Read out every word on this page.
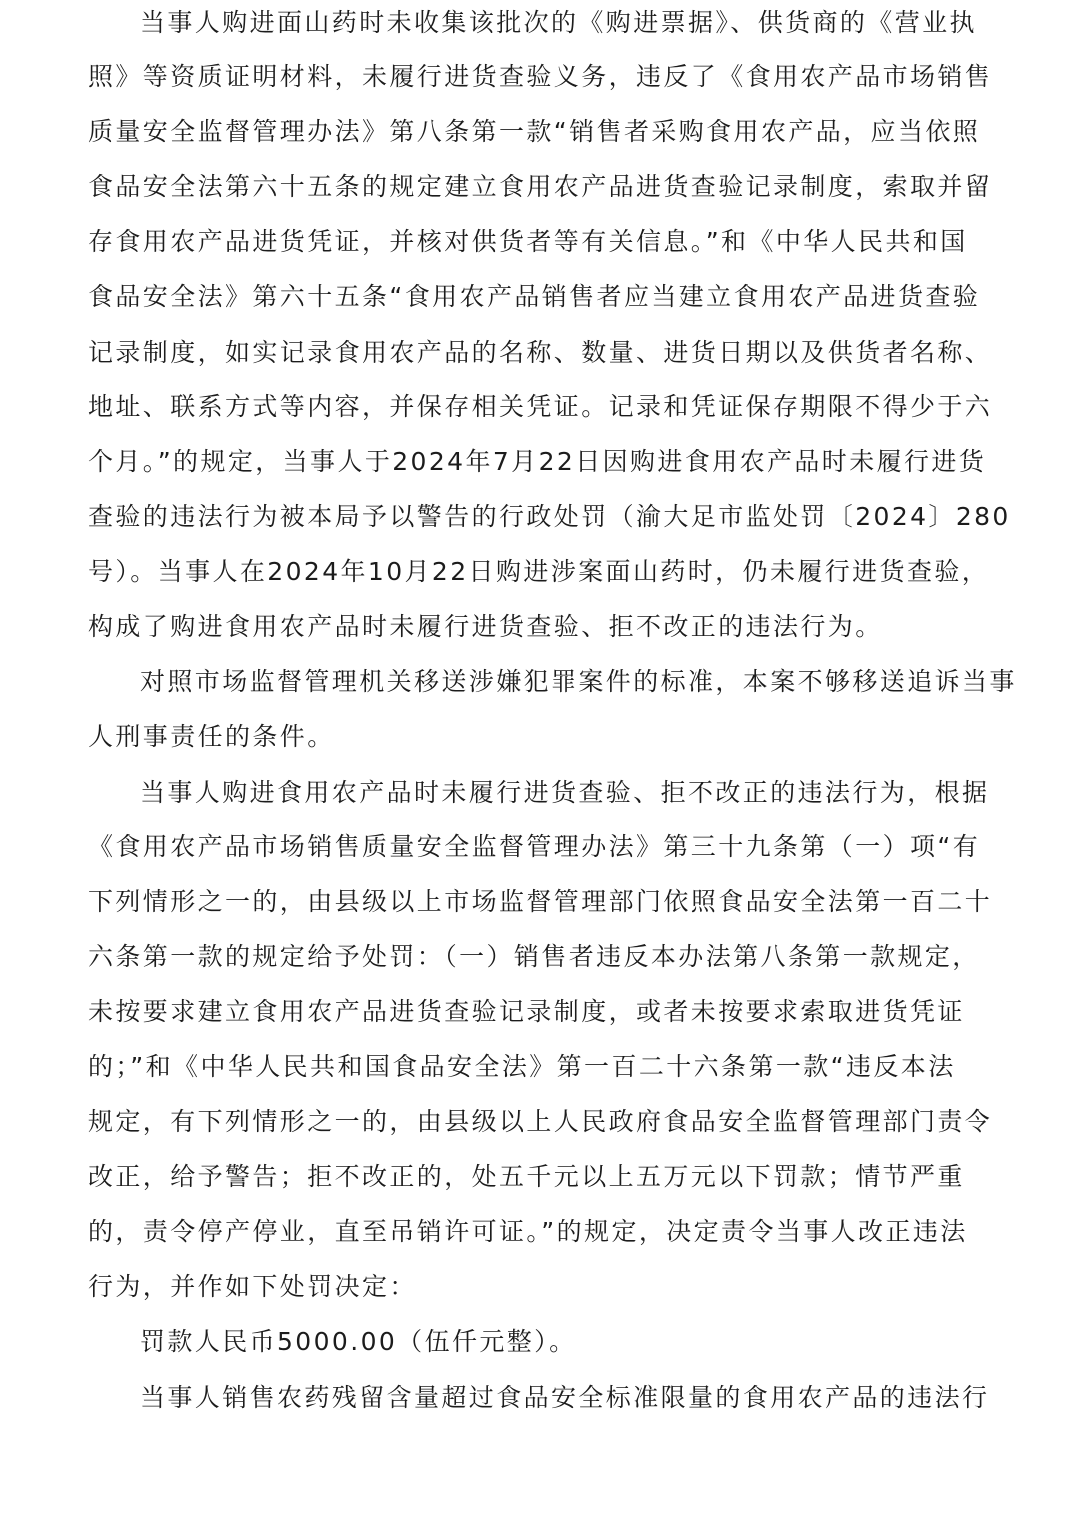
当事人购进面山药时未收集该批次的《购进票据》、供货商的《营业执
照》等资质证明材料，未履行进货查验义务，违反了《食用农产品市场销售
质量安全监督管理办法》第八条第一款“销售者采购食用农产品，应当依照
食品安全法第六十五条的规定建立食用农产品进货查验记录制度，索取并留
存食用农产品进货凭证，并核对供货者等有关信息。”和《中华人民共和国
食品安全法》第六十五条“食用农产品销售者应当建立食用农产品进货查验
记录制度，如实记录食用农产品的名称、数量、进货日期以及供货者名称、
地址、联系方式等内容，并保存相关凭证。记录和凭证保存期限不得少于六
个月。”的规定，当事人于2024年7月22日因购进食用农产品时未履行进货
查验的违法行为被本局予以警告的行政处罚（渝大足市监处罚〔2024〕280
号）。当事人在2024年10月22日购进涉案面山药时，仍未履行进货查验，
构成了购进食用农产品时未履行进货查验、拒不改正的违法行为。
对照市场监督管理机关移送涉嫌犯罪案件的标准，本案不够移送追诉当事
人刑事责任的条件。
当事人购进食用农产品时未履行进货查验、拒不改正的违法行为，根据
《食用农产品市场销售质量安全监督管理办法》第三十九条第（一）项“有
下列情形之一的，由县级以上市场监督管理部门依照食品安全法第一百二十
六条第一款的规定给予处罚：（一）销售者违反本办法第八条第一款规定，
未按要求建立食用农产品进货查验记录制度，或者未按要求索取进货凭证
的；”和《中华人民共和国食品安全法》第一百二十六条第一款“违反本法
规定，有下列情形之一的，由县级以上人民政府食品安全监督管理部门责令
改正，给予警告；拒不改正的，处五千元以上五万元以下罚款；情节严重
的，责令停产停业，直至吊销许可证。”的规定，决定责令当事人改正违法
行为，并作如下处罚决定：
罚款人民币5000.00（伍仟元整）。
当事人销售农药残留含量超过食品安全标准限量的食用农产品的违法行
